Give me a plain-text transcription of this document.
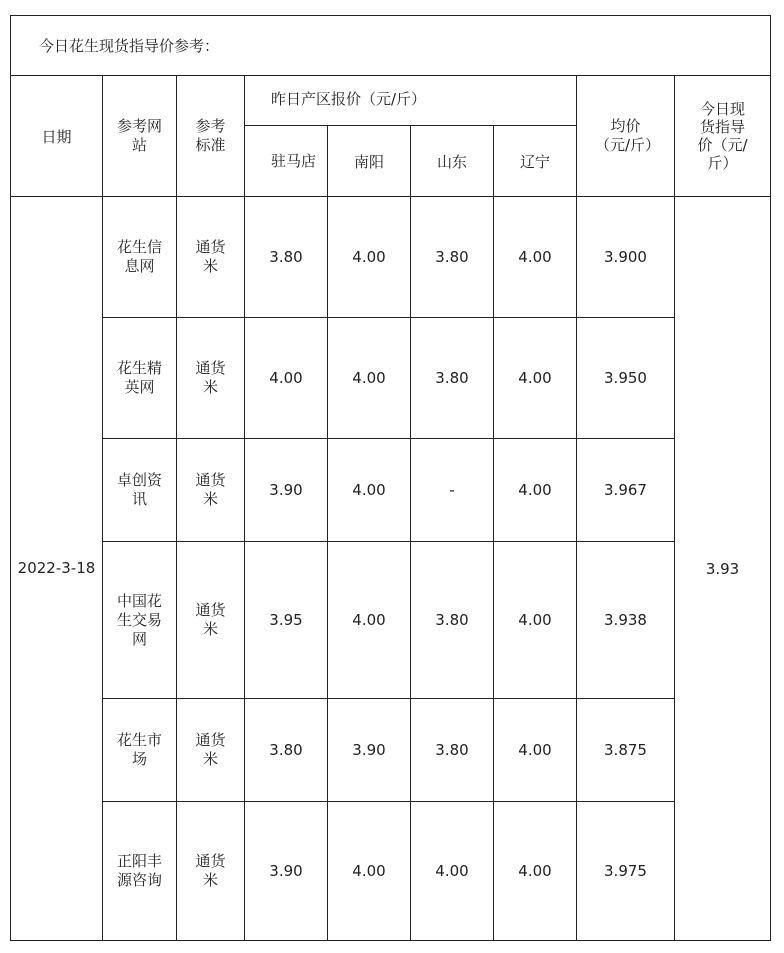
今日花生现货指导价参考：								
日期	参考网站	参考标准	昨日产区报价（元/斤）				均价（元/斤）	今日现货指导价（元/斤）
			驻马店	南阳	山东	辽宁		
2022-3-18	花生信息网	通货米	3.80	4.00	3.80	4.00	3.900	3.93
	花生精英网	通货米	4.00	4.00	3.80	4.00	3.950	
	卓创资讯	通货米	3.90	4.00	-	4.00	3.967	
	中国花生交易网	通货米	3.95	4.00	3.80	4.00	3.938	
	花生市场	通货米	3.80	3.90	3.80	4.00	3.875	
	正阳丰源咨询	通货米	3.90	4.00	4.00	4.00	3.975	
